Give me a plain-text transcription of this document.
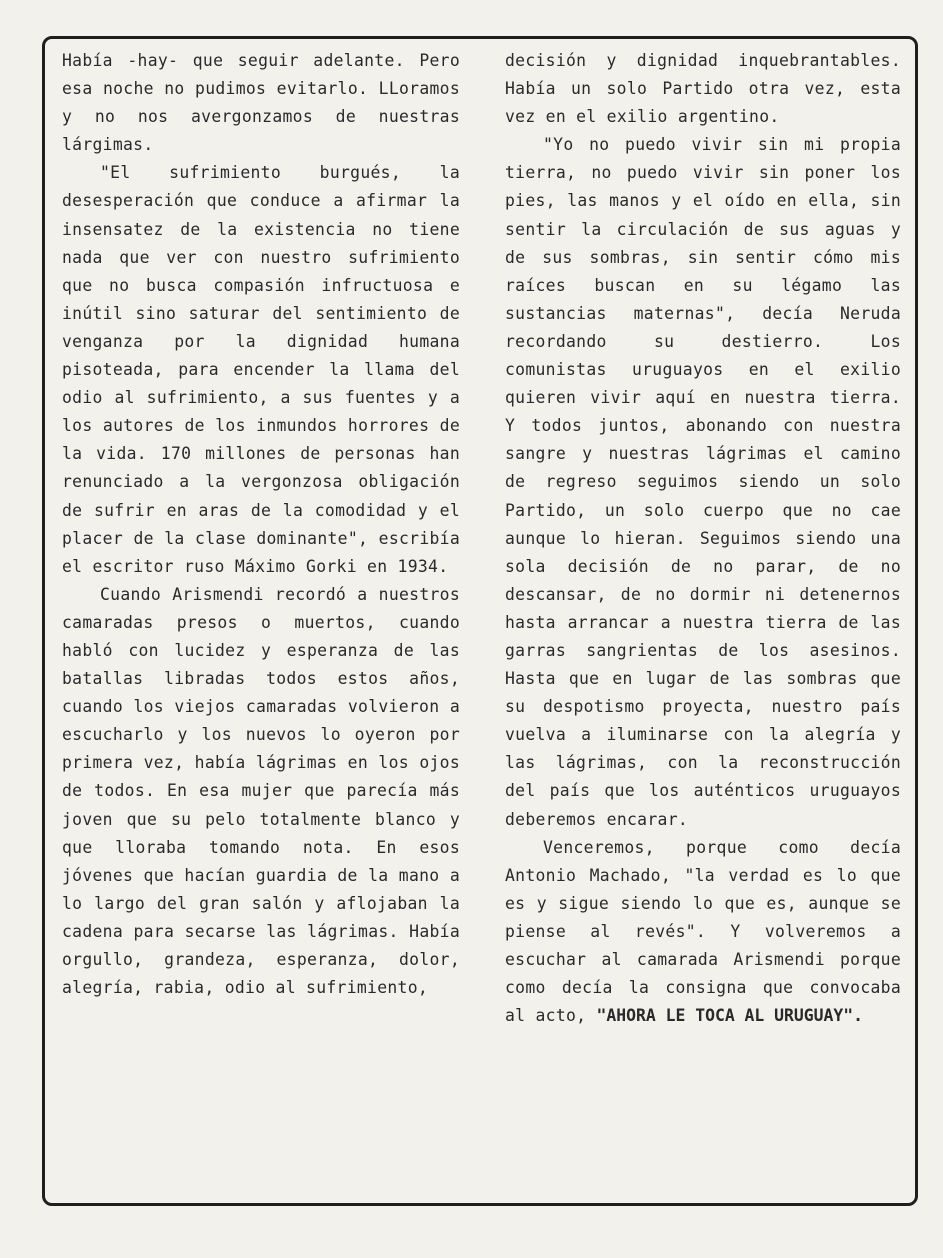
Había -hay- que seguir adelante. Pero esa noche no pudimos evitarlo. LLoramos y no nos avergonzamos de nuestras lárgimas.

"El sufrimiento burgués, la desesperación que conduce a afirmar la insensatez de la existencia no tiene nada que ver con nuestro sufrimiento que no busca compasión infructuosa e inútil sino saturar del sentimiento de venganza por la dignidad humana pisoteada, para encender la llama del odio al sufrimiento, a sus fuentes y a los autores de los inmundos horrores de la vida. 170 millones de personas han renunciado a la vergonzosa obligación de sufrir en aras de la comodidad y el placer de la clase dominante", escribía el escritor ruso Máximo Gorki en 1934.

Cuando Arismendi recordó a nuestros camaradas presos o muertos, cuando habló con lucidez y esperanza de las batallas libradas todos estos años, cuando los viejos camaradas volvieron a escucharlo y los nuevos lo oyeron por primera vez, había lágrimas en los ojos de todos. En esa mujer que parecía más joven que su pelo totalmente blanco y que lloraba tomando nota. En esos jóvenes que hacían guardia de la mano a lo largo del gran salón y aflojaban la cadena para secarse las lágrimas. Había orgullo, grandeza, esperanza, dolor, alegría, rabia, odio al sufrimiento,

decisión y dignidad inquebrantables. Había un solo Partido otra vez, esta vez en el exilio argentino.

"Yo no puedo vivir sin mi propia tierra, no puedo vivir sin poner los pies, las manos y el oído en ella, sin sentir la circulación de sus aguas y de sus sombras, sin sentir cómo mis raíces buscan en su légamo las sustancias maternas", decía Neruda recordando su destierro. Los comunistas uruguayos en el exilio quieren vivir aquí en nuestra tierra. Y todos juntos, abonando con nuestra sangre y nuestras lágrimas el camino de regreso seguimos siendo un solo Partido, un solo cuerpo que no cae aunque lo hieran. Seguimos siendo una sola decisión de no parar, de no descansar, de no dormir ni detenernos hasta arrancar a nuestra tierra de las garras sangrientas de los asesinos. Hasta que en lugar de las sombras que su despotismo proyecta, nuestro país vuelva a iluminarse con la alegría y las lágrimas, con la reconstrucción del país que los auténticos uruguayos deberemos encarar.

Venceremos, porque como decía Antonio Machado, "la verdad es lo que es y sigue siendo lo que es, aunque se piense al revés". Y volveremos a escuchar al camarada Arismendi porque como decía la consigna que convocaba al acto, "AHORA LE TOCA AL URUGUAY".
